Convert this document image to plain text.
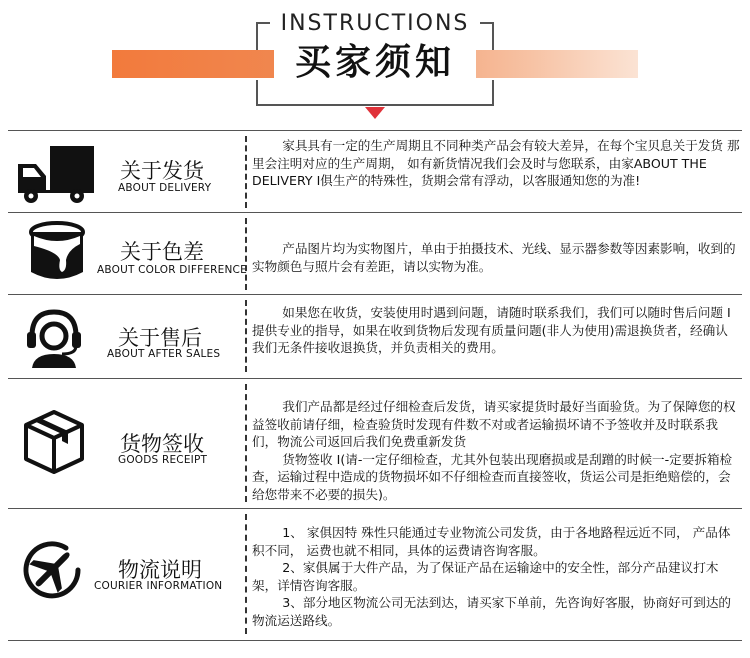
INSTRUCTIONS
买家须知
关于发货
ABOUT DELIVERY

家具具有一定的生产周期且不同种类产品会有较大差异，在每个宝贝息关于发货 那里会注明对应的生产周期， 如有新货情况我们会及时与您联系，由家ABOUT THE DELIVERY I俱生产的特殊性，货期会常有浮动，以客服通知您的为准!

关于色差
ABOUT COLOR DIFFERENCE

产品图片均为实物图片，单由于拍摄技术、光线、显示器参数等因素影响，收到的实物颜色与照片会有差距，请以实物为准。

关于售后
ABOUT AFTER SALES

如果您在收货，安装使用时遇到问题，请随时联系我们，我们可以随时售后问题 I提供专业的指导，如果在收到货物后发现有质量问题(非人为使用)需退换货者，经确认我们无条件接收退换货，并负责相关的费用。

货物签收
GOODS RECEIPT

我们产品都是经过仔细检查后发货，请买家提货时最好当面验货。为了保障您的权益签收前请仔细，检查验货时发现有件数不对或者运输损坏请不予签收并及时联系我们，物流公司返回后我们免费重新发货

货物签收 I(请-一定仔细检查，尤其外包装出现磨损或是刮蹭的时候一-定要拆箱检查，运输过程中造成的货物损坏如不仔细检查而直接签收，货运公司是拒绝赔偿的，会给您带来不必要的损失)。

物流说明
COURIER INFORMATION

1、 家俱因特 殊性只能通过专业物流公司发货，由于各地路程远近不同， 产品体积不同， 运费也就不相同，具体的运费请咨询客服。

2、家俱属于大件产品，为了保证产品在运输途中的安全性，部分产品建议打木架，详情咨询客服。

3、部分地区物流公司无法到达，请买家下单前，先咨询好客服，协商好可到达的物流运送路线。
